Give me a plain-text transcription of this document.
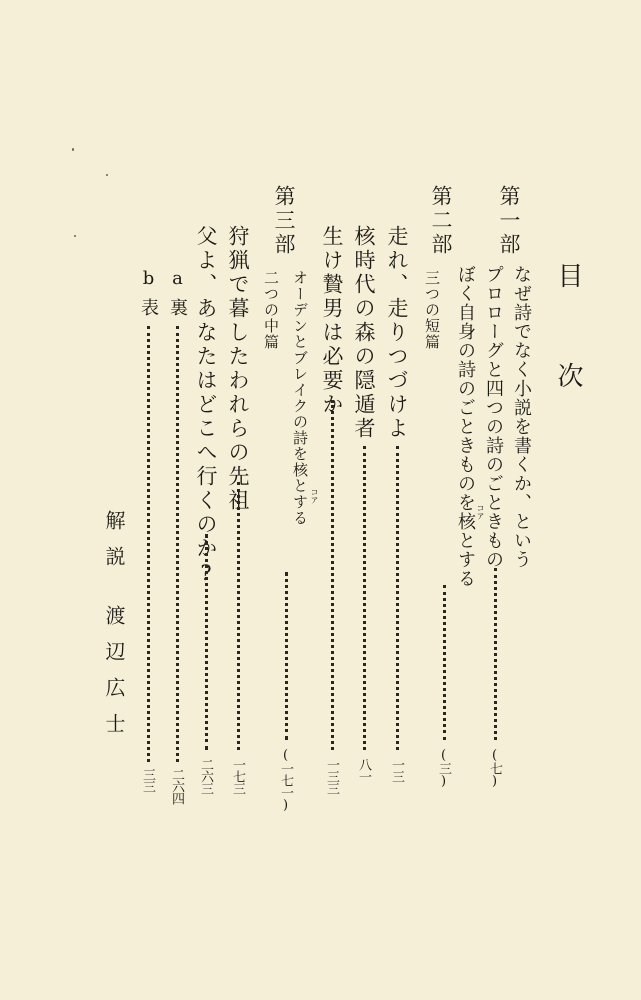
目 次
第一部
なぜ詩でなく小説を書くか、という
プロローグと四つの詩のごときもの
(七)
ぼく自身の詩のごときものを核とする コア
(三)
第二部
三つの短篇
走れ、走りつづけよ
一三
核時代の森の隠遁者
八一
生け贄男は必要か
一三三
オーデンとブレイクの詩を核とする コア
(一七一)
第三部
二つの中篇
狩猟で暮したわれらの先祖
一七三
父よ、あなたはどこへ行くのか?
二六三
a
裏
二六四
b
表
三三
解説
渡辺広士
